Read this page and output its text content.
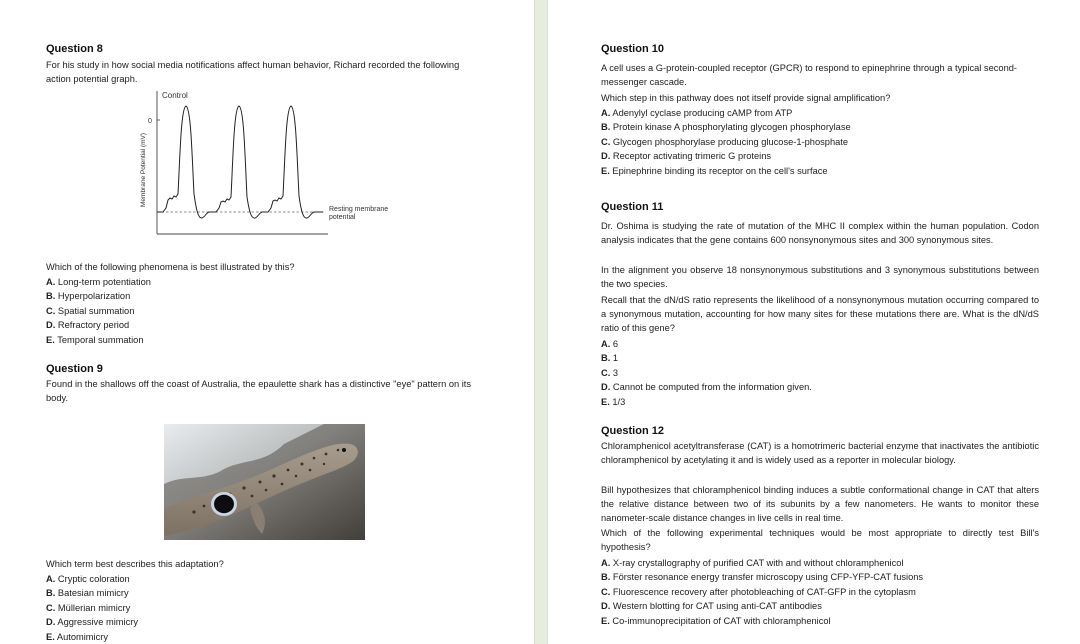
Question 8
For his study in how social media notifications affect human behavior, Richard recorded the following action potential graph.
Control
Membrane Potential (mV)
0
Resting membrane
potential
Which of the following phenomena is best illustrated by this?
A. Long-term potentiation
B. Hyperpolarization
C. Spatial summation
D. Refractory period
E. Temporal summation
Question 9
Found in the shallows off the coast of Australia, the epaulette shark has a distinctive "eye" pattern on its body.
Which term best describes this adaptation?
A. Cryptic coloration
B. Batesian mimicry
C. Müllerian mimicry
D. Aggressive mimicry
E. Automimicry
Question 10
A cell uses a G-protein-coupled receptor (GPCR) to respond to epinephrine through a typical second-messenger cascade.
Which step in this pathway does not itself provide signal amplification?
A. Adenylyl cyclase producing cAMP from ATP
B. Protein kinase A phosphorylating glycogen phosphorylase
C. Glycogen phosphorylase producing glucose-1-phosphate
D. Receptor activating trimeric G proteins
E. Epinephrine binding its receptor on the cell's surface
Question 11
Dr. Oshima is studying the rate of mutation of the MHC II complex within the human population. Codon analysis indicates that the gene contains 600 nonsynonymous sites and 300 synonymous sites.
In the alignment you observe 18 nonsynonymous substitutions and 3 synonymous substitutions between the two species.
Recall that the dN/dS ratio represents the likelihood of a nonsynonymous mutation occurring compared to a synonymous mutation, accounting for how many sites for these mutations there are. What is the dN/dS ratio of this gene?
A. 6
B. 1
C. 3
D. Cannot be computed from the information given.
E. 1/3
Question 12
Chloramphenicol acetyltransferase (CAT) is a homotrimeric bacterial enzyme that inactivates the antibiotic chloramphenicol by acetylating it and is widely used as a reporter in molecular biology.
Bill hypothesizes that chloramphenicol binding induces a subtle conformational change in CAT that alters the relative distance between two of its subunits by a few nanometers. He wants to monitor these nanometer-scale distance changes in live cells in real time.
Which of the following experimental techniques would be most appropriate to directly test Bill's hypothesis?
A. X-ray crystallography of purified CAT with and without chloramphenicol
B. Förster resonance energy transfer microscopy using CFP-YFP-CAT fusions
C. Fluorescence recovery after photobleaching of CAT-GFP in the cytoplasm
D. Western blotting for CAT using anti-CAT antibodies
E. Co-immunoprecipitation of CAT with chloramphenicol
